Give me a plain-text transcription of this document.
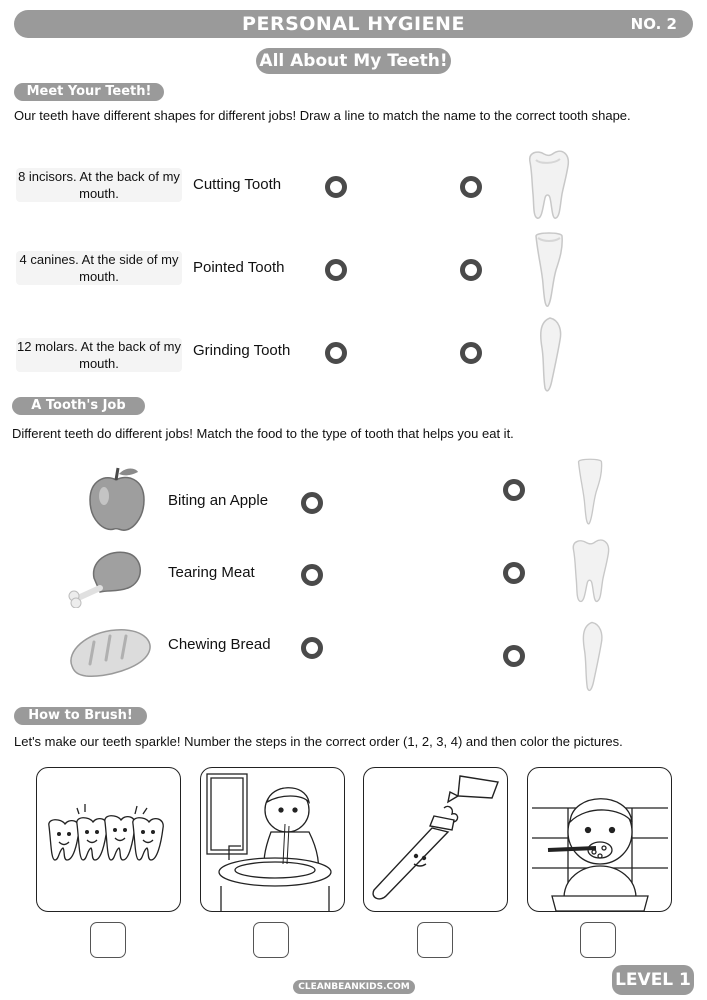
PERSONAL HYGIENE	NO. 2
All About My Teeth!
Meet Your Teeth!
Our teeth have different shapes for different jobs! Draw a line to match the name to the correct tooth shape.
8 incisors. At the back of my mouth.
Cutting Tooth
4 canines. At the side of my mouth.
Pointed Tooth
12 molars. At the back of my mouth.
Grinding Tooth
A Tooth's Job
Different teeth do different jobs! Match the food to the type of tooth that helps you eat it.
Biting an Apple
Tearing Meat
Chewing Bread
How to Brush!
Let's make our teeth sparkle! Number the steps in the correct order (1, 2, 3, 4) and then color the pictures.
CLEANBEANKIDS.COM	LEVEL 1
